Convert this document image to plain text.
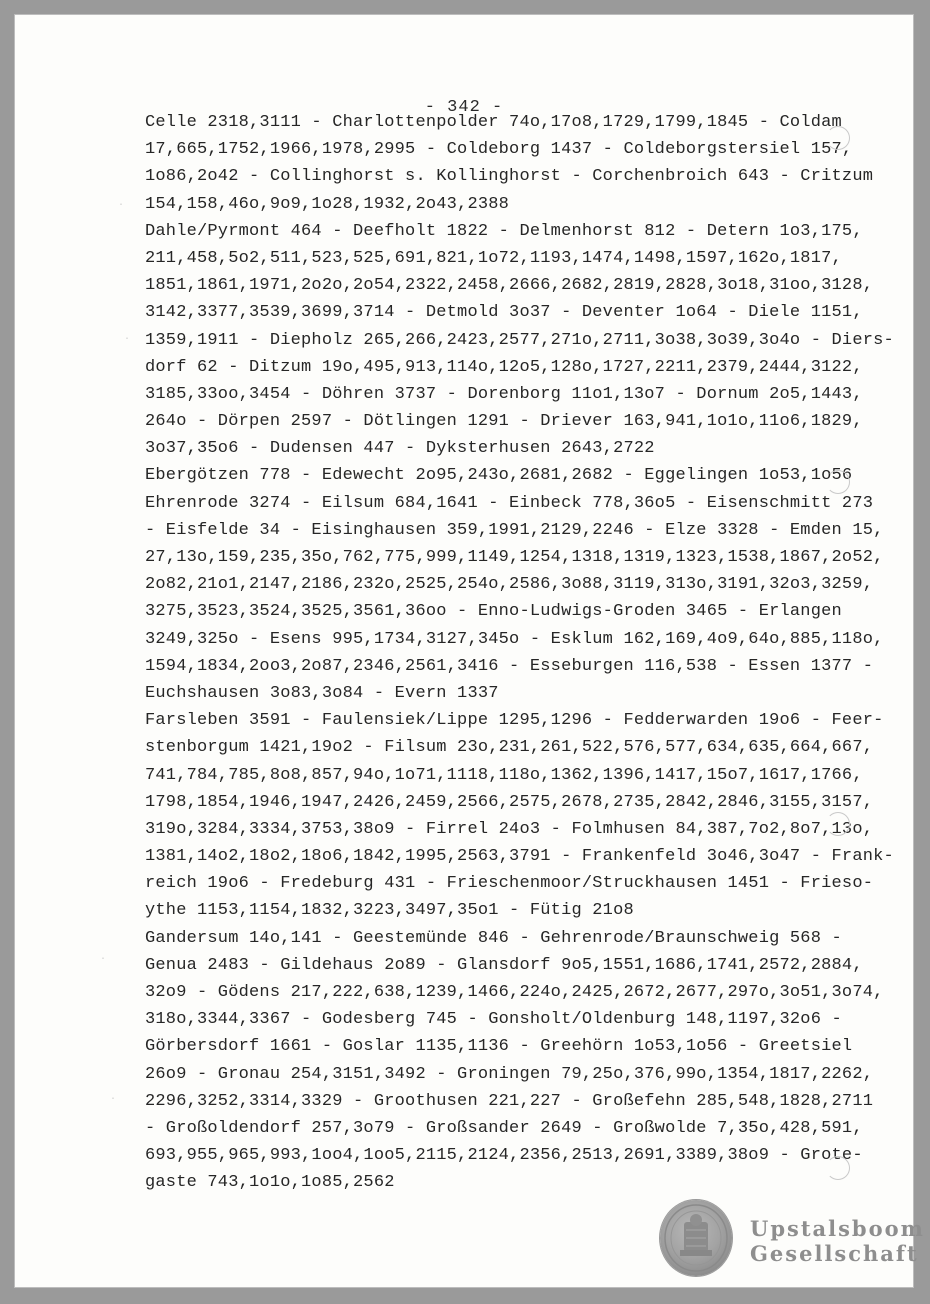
- 342 -
Celle 2318,3111 - Charlottenpolder 74o,17o8,1729,1799,1845 - Coldam
17,665,1752,1966,1978,2995 - Coldeborg 1437 - Coldeborgstersiel 157,
1o86,2o42 - Collinghorst s. Kollinghorst - Corchenbroich 643 - Critzum
154,158,46o,9o9,1o28,1932,2o43,2388
Dahle/Pyrmont 464 - Deefholt 1822 - Delmenhorst 812 - Detern 1o3,175,
211,458,5o2,511,523,525,691,821,1o72,1193,1474,1498,1597,162o,1817,
1851,1861,1971,2o2o,2o54,2322,2458,2666,2682,2819,2828,3o18,31oo,3128,
3142,3377,3539,3699,3714 - Detmold 3o37 - Deventer 1o64 - Diele 1151,
1359,1911 - Diepholz 265,266,2423,2577,271o,2711,3o38,3o39,3o4o - Diers-
dorf 62 - Ditzum 19o,495,913,114o,12o5,128o,1727,2211,2379,2444,3122,
3185,33oo,3454 - Döhren 3737 - Dorenborg 11o1,13o7 - Dornum 2o5,1443,
264o - Dörpen 2597 - Dötlingen 1291 - Driever 163,941,1o1o,11o6,1829,
3o37,35o6 - Dudensen 447 - Dyksterhusen 2643,2722
Ebergötzen 778 - Edewecht 2o95,243o,2681,2682 - Eggelingen 1o53,1o56
Ehrenrode 3274 - Eilsum 684,1641 - Einbeck 778,36o5 - Eisenschmitt 273
- Eisfelde 34 - Eisinghausen 359,1991,2129,2246 - Elze 3328 - Emden 15,
27,13o,159,235,35o,762,775,999,1149,1254,1318,1319,1323,1538,1867,2o52,
2o82,21o1,2147,2186,232o,2525,254o,2586,3o88,3119,313o,3191,32o3,3259,
3275,3523,3524,3525,3561,36oo - Enno-Ludwigs-Groden 3465 - Erlangen
3249,325o - Esens 995,1734,3127,345o - Esklum 162,169,4o9,64o,885,118o,
1594,1834,2oo3,2o87,2346,2561,3416 - Esseburgen 116,538 - Essen 1377 -
Euchshausen 3o83,3o84 - Evern 1337
Farsleben 3591 - Faulensiek/Lippe 1295,1296 - Fedderwarden 19o6 - Feer-
stenborgum 1421,19o2 - Filsum 23o,231,261,522,576,577,634,635,664,667,
741,784,785,8o8,857,94o,1o71,1118,118o,1362,1396,1417,15o7,1617,1766,
1798,1854,1946,1947,2426,2459,2566,2575,2678,2735,2842,2846,3155,3157,
319o,3284,3334,3753,38o9 - Firrel 24o3 - Folmhusen 84,387,7o2,8o7,13o,
1381,14o2,18o2,18o6,1842,1995,2563,3791 - Frankenfeld 3o46,3o47 - Frank-
reich 19o6 - Fredeburg 431 - Frieschenmoor/Struckhausen 1451 - Frieso-
ythe 1153,1154,1832,3223,3497,35o1 - Fütig 21o8
Gandersum 14o,141 - Geestemünde 846 - Gehrenrode/Braunschweig 568 -
Genua 2483 - Gildehaus 2o89 - Glansdorf 9o5,1551,1686,1741,2572,2884,
32o9 - Gödens 217,222,638,1239,1466,224o,2425,2672,2677,297o,3o51,3o74,
318o,3344,3367 - Godesberg 745 - Gonsholt/Oldenburg 148,1197,32o6 -
Görbersdorf 1661 - Goslar 1135,1136 - Greehörn 1o53,1o56 - Greetsiel
26o9 - Gronau 254,3151,3492 - Groningen 79,25o,376,99o,1354,1817,2262,
2296,3252,3314,3329 - Groothusen 221,227 - Großefehn 285,548,1828,2711
- Großoldendorf 257,3o79 - Großsander 2649 - Großwolde 7,35o,428,591,
693,955,965,993,1oo4,1oo5,2115,2124,2356,2513,2691,3389,38o9 - Grote-
gaste 743,1o1o,1o85,2562
·
·
·
·
Upstalsboom
Gesellschaft
